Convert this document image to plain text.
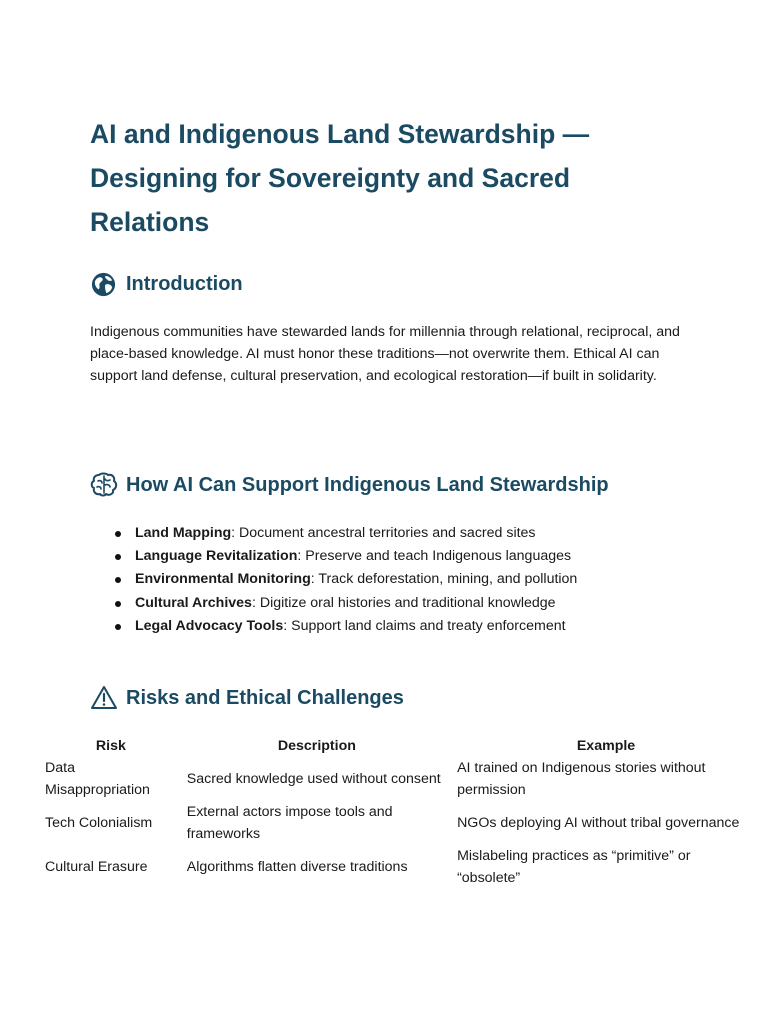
AI and Indigenous Land Stewardship — Designing for Sovereignty and Sacred Relations
Introduction

Indigenous communities have stewarded lands for millennia through relational, reciprocal, and place-based knowledge. AI must honor these traditions—not overwrite them. Ethical AI can support land defense, cultural preservation, and ecological restoration—if built in solidarity.

How AI Can Support Indigenous Land Stewardship
Land Mapping: Document ancestral territories and sacred sites
Language Revitalization: Preserve and teach Indigenous languages
Environmental Monitoring: Track deforestation, mining, and pollution
Cultural Archives: Digitize oral histories and traditional knowledge
Legal Advocacy Tools: Support land claims and treaty enforcement
Risks and Ethical Challenges
Risk	Description	Example
Data Misappropriation	Sacred knowledge used without consent	AI trained on Indigenous stories without permission
Tech Colonialism	External actors impose tools and frameworks	NGOs deploying AI without tribal governance
Cultural Erasure	Algorithms flatten diverse traditions	Mislabeling practices as “primitive” or “obsolete”
